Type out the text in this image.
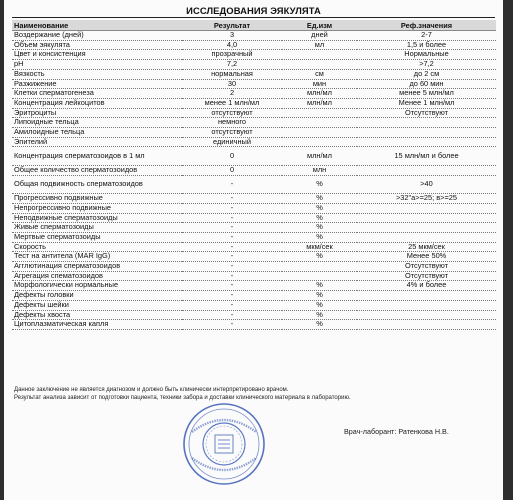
ИССЛЕДОВАНИЯ ЭЯКУЛЯТА
Наименование	Результат	Ед.изм	Реф.значения
Воздержание (дней)	3	дней	2-7
Объем эякулята	4,0	мл	1,5 и более
Цвет и консистенция	прозрачный		Нормальные
pH	7,2		>7,2
Вязкость	нормальная	см	до 2 см
Разжижение	30	мин	до 60 мин
Клетки сперматогенеза	2	млн/мл	менее 5 млн/мл
Концентрация лейкоцитов	менее 1 млн/мл	млн/мл	Менее 1 млн/мл
Эритроциты	отсутствуют		Отсутствуют
Липоидные тельца	немного		
Амилоидные тельца	отсутствуют		
Эпителий	единичный		
Концентрация сперматозоидов в 1 мл	0	млн/мл	15 млн/мл и более
Общее количество сперматозоидов	0	млн	
Общая подвижность сперматозоидов	-	%	>40
Прогрессивно подвижные	-	%	>32"а>=25; в>=25
Непрогрессивно подвижные	-	%	
Неподвижные сперматозоиды	-	%	
Живые сперматозоиды	-	%	
Мертвые сперматозоиды	-	%	
Скорость	-	мкм/сек	25 мкм/сек
Тест на антитела (MAR IgG)	-	%	Менее 50%
Агглютинация сперматозоидов	-		Отсутствуют
Агрегация спематозоидов	-		Отсутствуют
Морфологически нормальные	-	%	4% и более
Дефекты головки	-	%	
Дефекты шейки	-	%	
Дефекты хвоста	-	%	
Цитоплазматическая капля	-	%	
Данное заключение не является диагнозом и должно быть клинически интерпретировано врачом.
Результат анализа зависит от подготовки пациента, техники забора и доставки клинического материала в лабораторию.
Врач-лаборант: Ратенкова Н.В.
